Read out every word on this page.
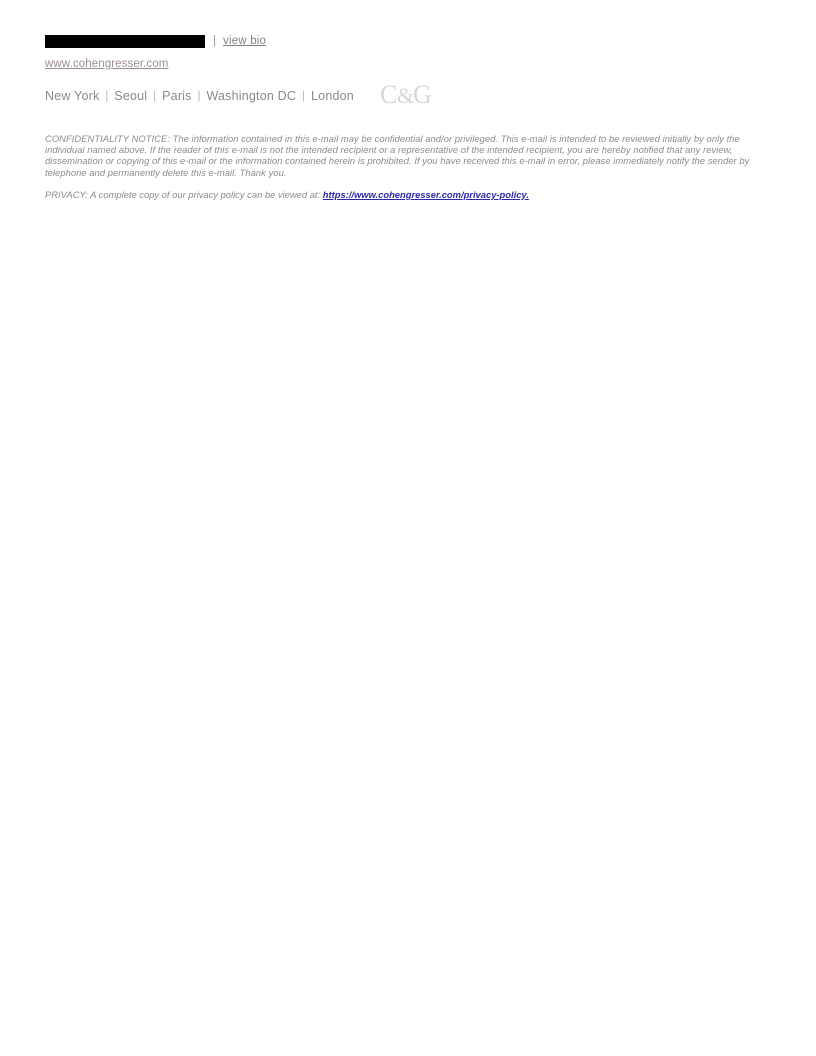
| view bio
www.cohengresser.com
New York | Seoul | Paris | Washington DC | London C &
G

CONFIDENTIALITY NOTICE: The information contained in this e-mail may be confidential and/or privileged. This e-mail is intended to be reviewed initially by only the individual named above. If the reader of this e-mail is not the intended recipient or a representative of the intended recipient, you are hereby notified that any review, dissemination or copying of this e-mail or the information contained herein is prohibited. If you have received this e-mail in error, please immediately notify the sender by telephone and permanently delete this e-mail. Thank you.

PRIVACY: A complete copy of our privacy policy can be viewed at: https://www.cohengresser.com/privacy-policy.
